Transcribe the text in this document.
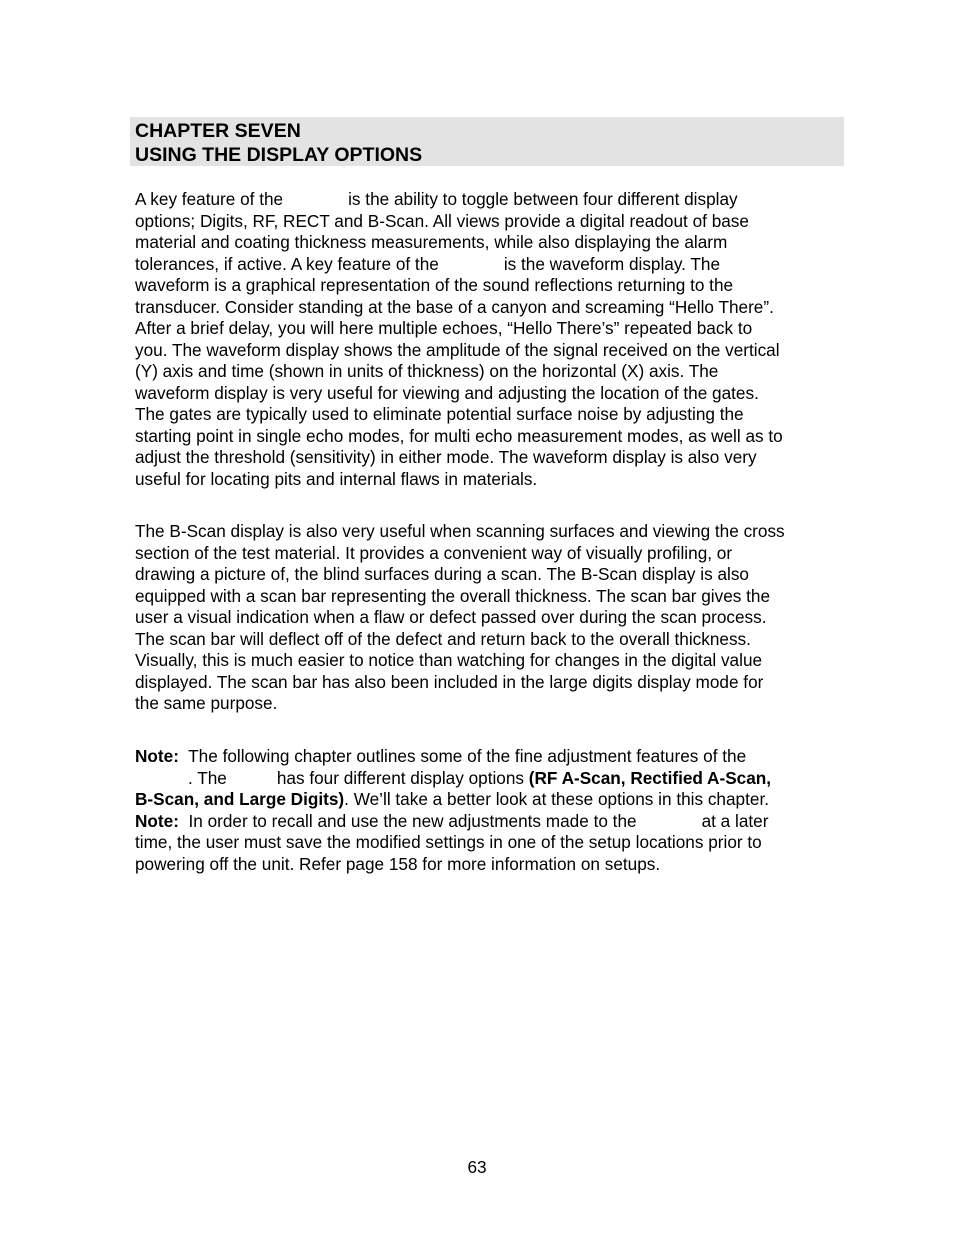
CHAPTER SEVEN
USING THE DISPLAY OPTIONS
A key feature of the	is the ability to toggle between four different display
options; Digits, RF, RECT and B-Scan. All views provide a digital readout of base
material and coating thickness measurements, while also displaying the alarm
tolerances, if active. A key feature of the	is the waveform display. The
waveform is a graphical representation of the sound reflections returning to the
transducer. Consider standing at the base of a canyon and screaming “Hello There”.
After a brief delay, you will here multiple echoes, “Hello There’s” repeated back to
you. The waveform display shows the amplitude of the signal received on the vertical
(Y) axis and time (shown in units of thickness) on the horizontal (X) axis. The
waveform display is very useful for viewing and adjusting the location of the gates.
The gates are typically used to eliminate potential surface noise by adjusting the
starting point in single echo modes, for multi echo measurement modes, as well as to
adjust the threshold (sensitivity) in either mode. The waveform display is also very
useful for locating pits and internal flaws in materials.
The B-Scan display is also very useful when scanning surfaces and viewing the cross
section of the test material. It provides a convenient way of visually profiling, or
drawing a picture of, the blind surfaces during a scan. The B-Scan display is also
equipped with a scan bar representing the overall thickness. The scan bar gives the
user a visual indication when a flaw or defect passed over during the scan process.
The scan bar will deflect off of the defect and return back to the overall thickness.
Visually, this is much easier to notice than watching for changes in the digital value
displayed. The scan bar has also been included in the large digits display mode for
the same purpose.
Note: The following chapter outlines some of the fine adjustment features of the
. The	has four different display options (RF A-Scan, Rectified A-Scan,
B-Scan, and Large Digits). We’ll take a better look at these options in this chapter.
Note: In order to recall and use the new adjustments made to the	at a later
time, the user must save the modified settings in one of the setup locations prior to
powering off the unit. Refer page 158 for more information on setups.
63
